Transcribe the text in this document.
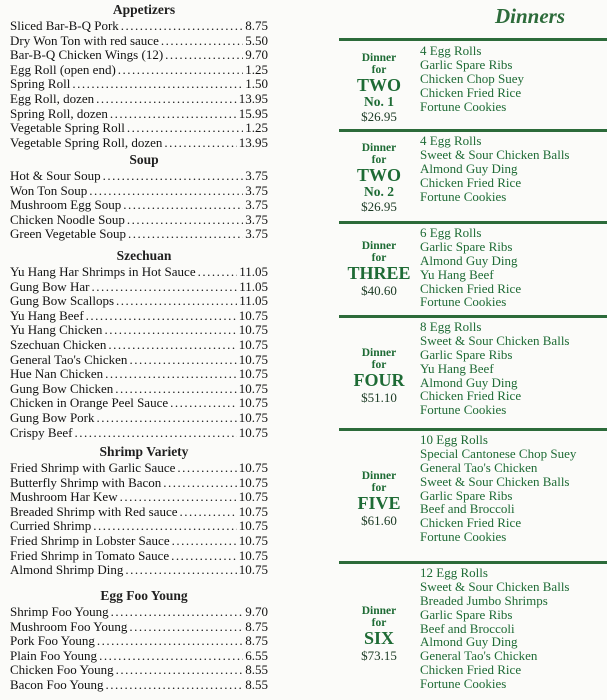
Appetizers
Sliced Bar-B-Q Pork .....	8.75
Dry Won Ton with red sauce .....	5.50
Bar-B-Q Chicken Wings (12) .....	9.70
Egg Roll (open end) .....	1.25
Spring Roll .....	1.50
Egg Roll, dozen .....	13.95
Spring Roll, dozen .....	15.95
Vegetable Spring Roll .....	1.25
Vegetable Spring Roll, dozen .....	13.95
Soup
Hot & Sour Soup .....	3.75
Won Ton Soup .....	3.75
Mushroom Egg Soup .....	3.75
Chicken Noodle Soup .....	3.75
Green Vegetable Soup .....	3.75
Szechuan
Yu Hang Har Shrimps in Hot Sauce .....	11.05
Gung Bow Har .....	11.05
Gung Bow Scallops .....	11.05
Yu Hang Beef .....	10.75
Yu Hang Chicken .....	10.75
Szechuan Chicken .....	10.75
General Tao's Chicken .....	10.75
Hue Nan Chicken .....	10.75
Gung Bow Chicken .....	10.75
Chicken in Orange Peel Sauce .....	10.75
Gung Bow Pork .....	10.75
Crispy Beef .....	10.75
Shrimp Variety
Fried Shrimp with Garlic Sauce .....	10.75
Butterfly Shrimp with Bacon .....	10.75
Mushroom Har Kew .....	10.75
Breaded Shrimp with Red sauce .....	10.75
Curried Shrimp .....	10.75
Fried Shrimp in Lobster Sauce .....	10.75
Fried Shrimp in Tomato Sauce .....	10.75
Almond Shrimp Ding .....	10.75
Egg Foo Young
Shrimp Foo Young .....	9.70
Mushroom Foo Young .....	8.75
Pork Foo Young .....	8.75
Plain Foo Young .....	6.55
Chicken Foo Young .....	8.55
Bacon Foo Young .....	8.55
Dinners
Dinner
for
TWO
No. 1
$26.95
4 Egg Rolls
Garlic Spare Ribs
Chicken Chop Suey
Chicken Fried Rice
Fortune Cookies
Dinner
for
TWO
No. 2
$26.95
4 Egg Rolls
Sweet & Sour Chicken Balls
Almond Guy Ding
Chicken Fried Rice
Fortune Cookies
Dinner
for
THREE
$40.60
6 Egg Rolls
Garlic Spare Ribs
Almond Guy Ding
Yu Hang Beef
Chicken Fried Rice
Fortune Cookies
Dinner
for
FOUR
$51.10
8 Egg Rolls
Sweet & Sour Chicken Balls
Garlic Spare Ribs
Yu Hang Beef
Almond Guy Ding
Chicken Fried Rice
Fortune Cookies
Dinner
for
FIVE
$61.60
10 Egg Rolls
Special Cantonese Chop Suey
General Tao's Chicken
Sweet & Sour Chicken Balls
Garlic Spare Ribs
Beef and Broccoli
Chicken Fried Rice
Fortune Cookies
Dinner
for
SIX
$73.15
12 Egg Rolls
Sweet & Sour Chicken Balls
Breaded Jumbo Shrimps
Garlic Spare Ribs
Beef and Broccoli
Almond Guy Ding
General Tao's Chicken
Chicken Fried Rice
Fortune Cookies
